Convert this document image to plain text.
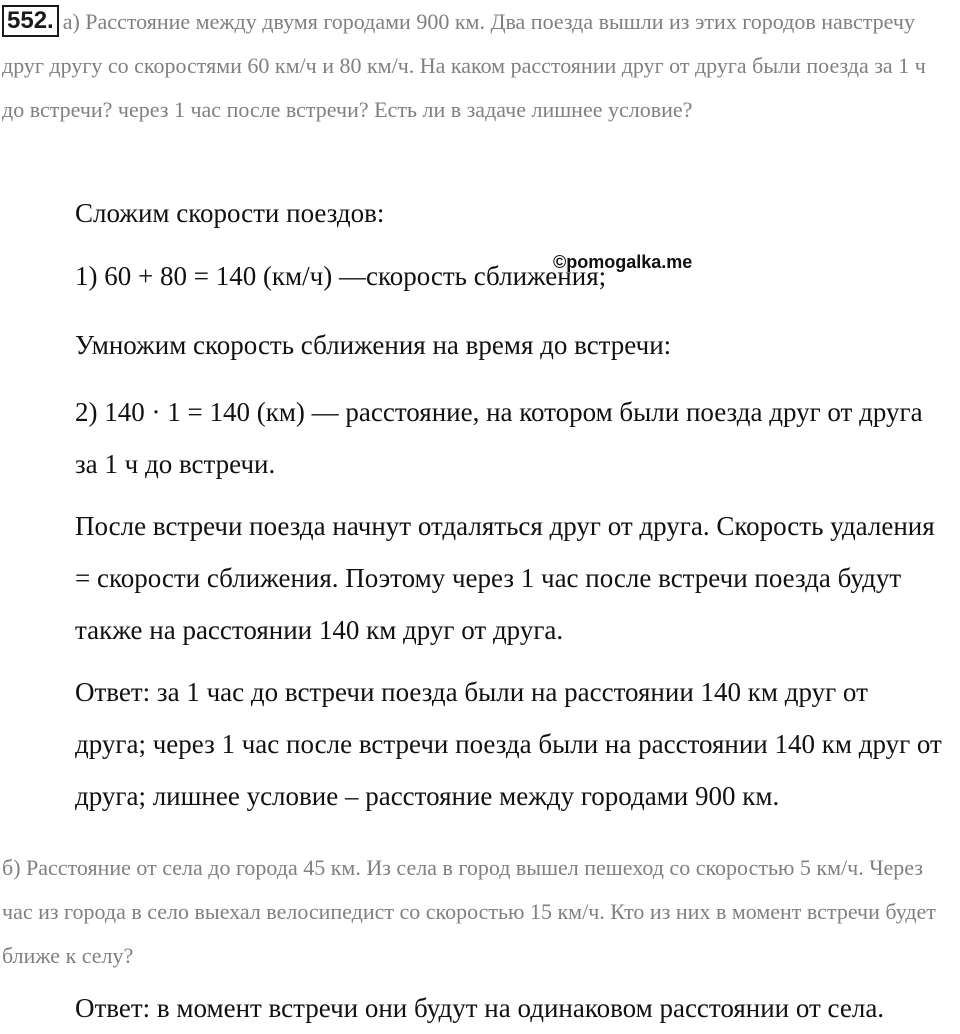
552. а) Расстояние между двумя городами 900 км. Два поезда вышли из этих городов навстречу друг другу со скоростями 60 км/ч и 80 км/ч. На каком расстоянии друг от друга были поезда за 1 ч до встречи? через 1 час после встречи? Есть ли в задаче лишнее условие?

Сложим скорости поездов:

1) 60 + 80 = 140 (км/ч) —скорость сближения;

Умножим скорость сближения на время до встречи:

2) 140 · 1 = 140 (км) — расстояние, на котором были поезда друг от друга за 1 ч до встречи.

После встречи поезда начнут отдаляться друг от друга. Скорость удаления = скорости сближения. Поэтому через 1 час после встречи поезда будут также на расстоянии 140 км друг от друга.

Ответ: за 1 час до встречи поезда были на расстоянии 140 км друг от друга; через 1 час после встречи поезда были на расстоянии 140 км друг от друга; лишнее условие – расстояние между городами 900 км.

©pomogalka.me
б) Расстояние от села до города 45 км. Из села в город вышел пешеход со скоростью 5 км/ч. Через час из города в село выехал велосипедист со скоростью 15 км/ч. Кто из них в момент встречи будет ближе к селу?

Ответ: в момент встречи они будут на одинаковом расстоянии от села.
